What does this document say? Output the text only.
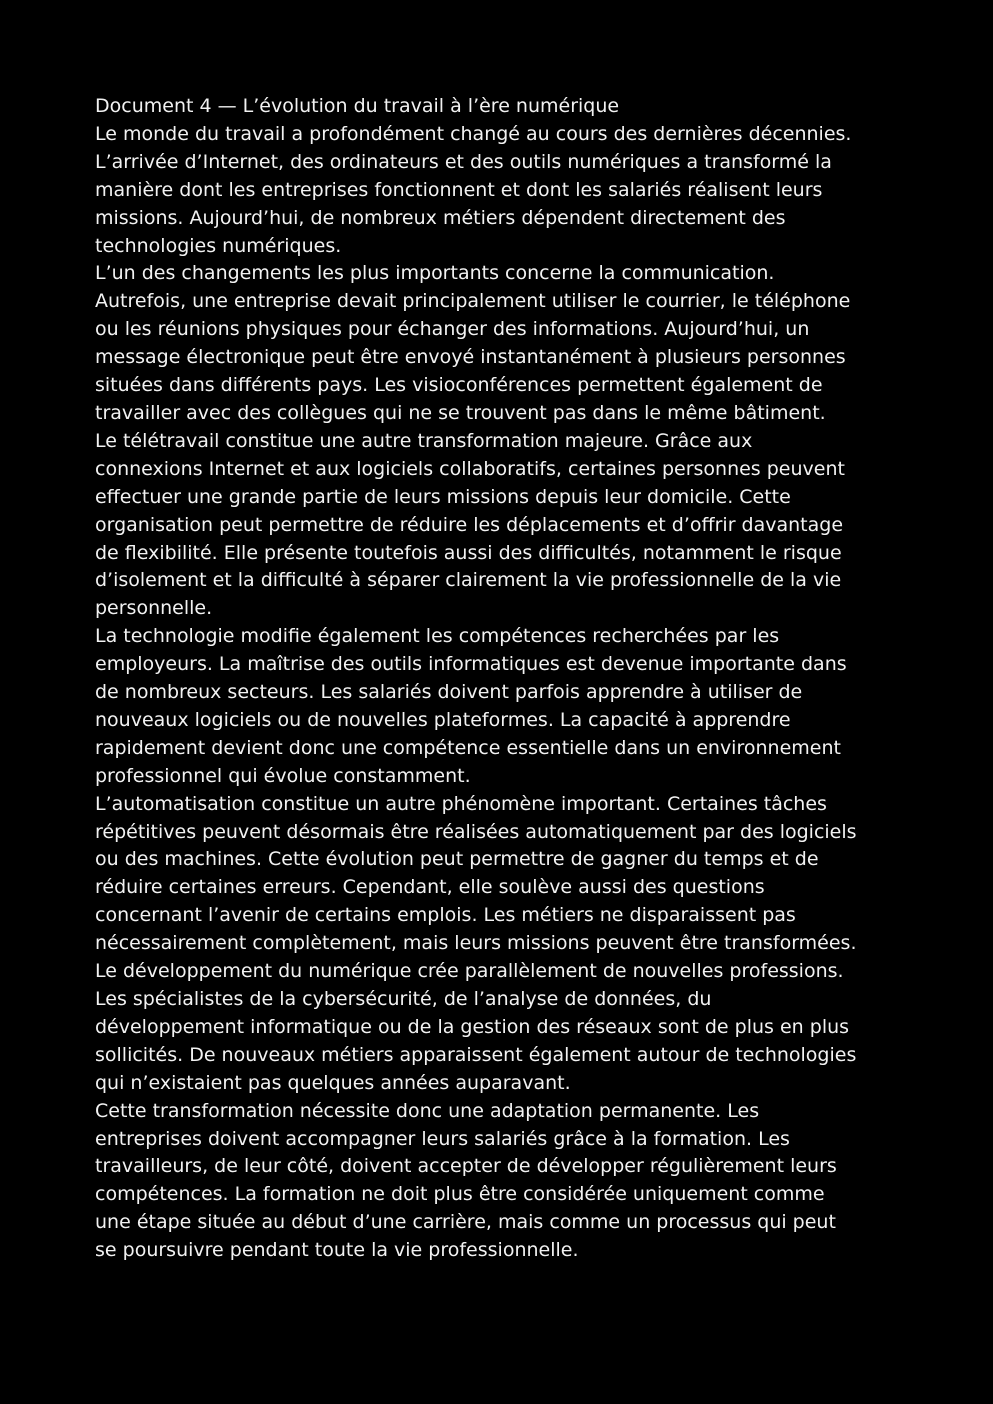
Document 4 — L’évolution du travail à l’ère numérique

Le monde du travail a profondément changé au cours des dernières décennies.
L’arrivée d’Internet, des ordinateurs et des outils numériques a transformé la
manière dont les entreprises fonctionnent et dont les salariés réalisent leurs
missions. Aujourd’hui, de nombreux métiers dépendent directement des
technologies numériques.

L’un des changements les plus importants concerne la communication.
Autrefois, une entreprise devait principalement utiliser le courrier, le téléphone
ou les réunions physiques pour échanger des informations. Aujourd’hui, un
message électronique peut être envoyé instantanément à plusieurs personnes
situées dans différents pays. Les visioconférences permettent également de
travailler avec des collègues qui ne se trouvent pas dans le même bâtiment.

Le télétravail constitue une autre transformation majeure. Grâce aux
connexions Internet et aux logiciels collaboratifs, certaines personnes peuvent
effectuer une grande partie de leurs missions depuis leur domicile. Cette
organisation peut permettre de réduire les déplacements et d’offrir davantage
de flexibilité. Elle présente toutefois aussi des difficultés, notamment le risque
d’isolement et la difficulté à séparer clairement la vie professionnelle de la vie
personnelle.

La technologie modifie également les compétences recherchées par les
employeurs. La maîtrise des outils informatiques est devenue importante dans
de nombreux secteurs. Les salariés doivent parfois apprendre à utiliser de
nouveaux logiciels ou de nouvelles plateformes. La capacité à apprendre
rapidement devient donc une compétence essentielle dans un environnement
professionnel qui évolue constamment.

L’automatisation constitue un autre phénomène important. Certaines tâches
répétitives peuvent désormais être réalisées automatiquement par des logiciels
ou des machines. Cette évolution peut permettre de gagner du temps et de
réduire certaines erreurs. Cependant, elle soulève aussi des questions
concernant l’avenir de certains emplois. Les métiers ne disparaissent pas
nécessairement complètement, mais leurs missions peuvent être transformées.

Le développement du numérique crée parallèlement de nouvelles professions.
Les spécialistes de la cybersécurité, de l’analyse de données, du
développement informatique ou de la gestion des réseaux sont de plus en plus
sollicités. De nouveaux métiers apparaissent également autour de technologies
qui n’existaient pas quelques années auparavant.

Cette transformation nécessite donc une adaptation permanente. Les
entreprises doivent accompagner leurs salariés grâce à la formation. Les
travailleurs, de leur côté, doivent accepter de développer régulièrement leurs
compétences. La formation ne doit plus être considérée uniquement comme
une étape située au début d’une carrière, mais comme un processus qui peut
se poursuivre pendant toute la vie professionnelle.
